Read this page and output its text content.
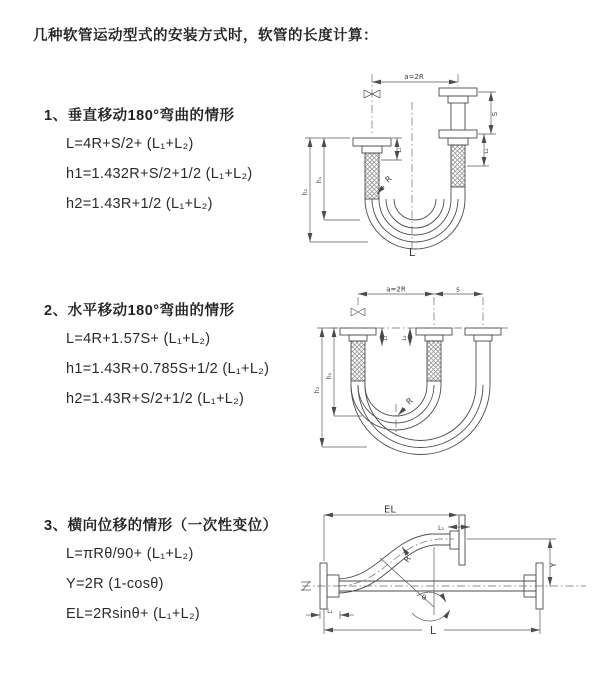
几种软管运动型式的安装方式时，软管的长度计算：
1、垂直移动180°弯曲的情形
L=4R+S/2+ (L₁+L₂)
h1=1.432R+S/2+1/2 (L₁+L₂)
h2=1.43R+1/2 (L₁+L₂)
a=2R
h₂
h₁
L₁
S
L₂
R
L
2、水平移动180°弯曲的情形
L=4R+1.57S+ (L₁+L₂)
h1=1.43R+0.785S+1/2 (L₁+L₂)
h2=1.43R+S/2+1/2 (L₁+L₂)
a=2R	s
h₂
h₁
L₁ L₂
R
3、横向位移的情形（一次性变位）
L=πRθ/90+ (L₁+L₂)
Y=2R (1-cosθ)
EL=2Rsinθ+ (L₁+L₂)
EL
L₂
Y
R
θ
L
L₁
